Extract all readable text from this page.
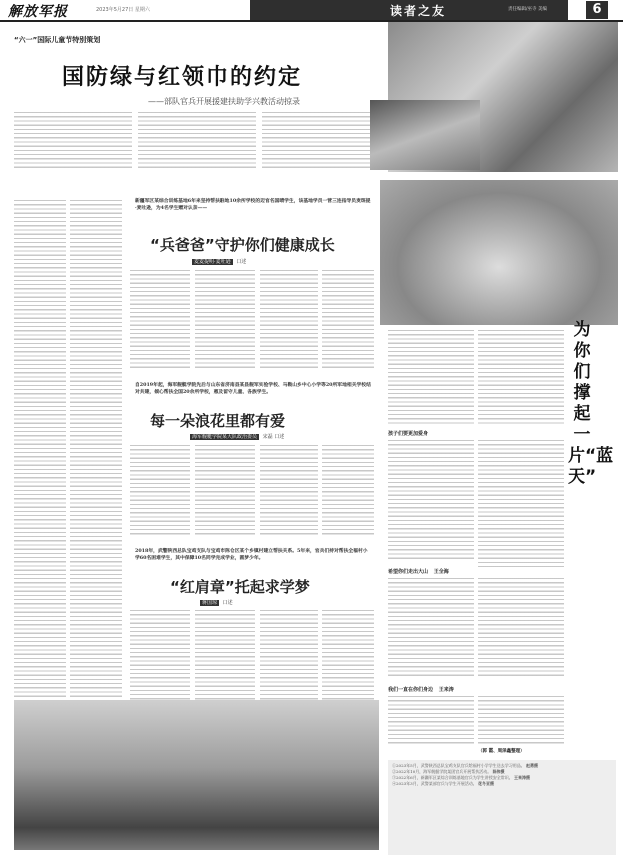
解放军报	2023年5月27日 星期六	读者之友	责任编辑/巫寺 美编	6
“六一”国际儿童节特别策划
国防绿与红领巾的约定
——部队官兵开展援建扶助学兴教活动掠录
新疆军区某综合训练基地6年来坚持帮扶駐地10余所学校的迈官名国晴学生，该基地学员一营三连指导员麦斑提·麦吐逊，为4名学生赠对认亲——
“兵爸爸”守护你们健康成长
麦麦提明·麦吐逊 口述
自2019年起，海军舰艇学院先后与山东省济南县某县舰军实验学校、马鞍山乡中心小学等20所军地相关学校结对共建，倾心帮扶全国20余所学校，惠及留守儿童、各族学生。
每一朵浪花里都有爱
海军舰艇学院某大队政治委员 宋磊 口述
2018年，武警陕西总队宝鸡支队与宝鸡市陈仓区某个乡镇村建立帮扶关系。5年来，官兵们持对帮扶全福村小学60名困难学生，其中保障10名同学完成学业，圆梦少年。
“红肩章”托起求学梦
蒋国琼 口述
为你们撑起一片“蓝天”
孩子们要更加爱身
希望你们走出大山 王全海
我们一直在你们身边 王来涛
（郭 霞、周泽鑫整理）
①2023年5月，武警陕西总队宝鸡支队官兵给福村小学学生送去学习用品。 赵勇摄
②2022年10月，海军舰艇学院某团官兵开展帮扶活动。 陈伟摄
③2022年6月，新疆军区某综合训练基地官兵为学生讲授安全常识。 王来涛摄
④2023年3月，武警某部官兵与学生开展活动。 花冬亚摄
